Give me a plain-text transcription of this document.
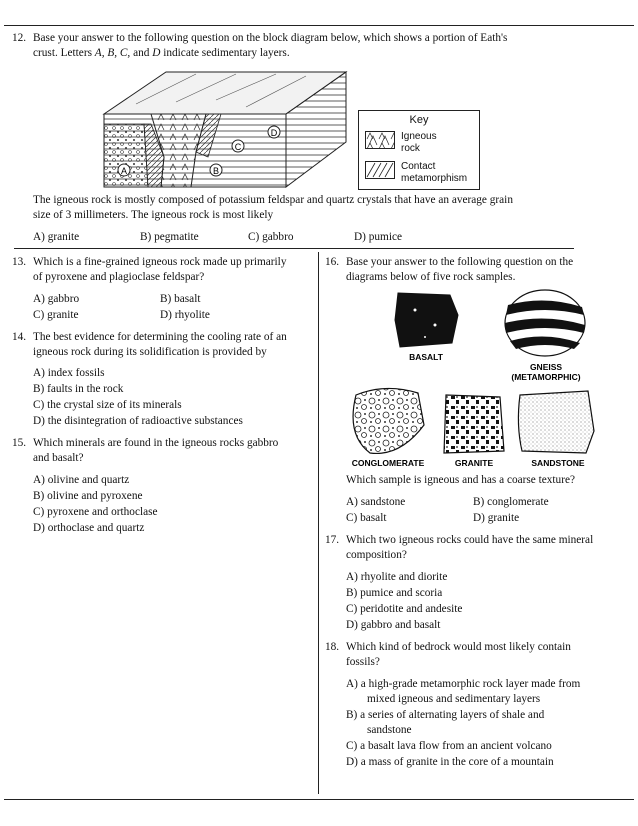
12. Base your answer to the following question on the block diagram below, which shows a portion of Eath's
crust. Letters A, B, C, and D indicate sedimentary layers.
A	B
C
D
Key
Igneous
rock
Contact
metamorphism
The igneous rock is mostly composed of potassium feldspar and quartz crystals that have an average grain
size of 3 millimeters. The igneous rock is most likely
A) granite	B) pegmatite	C) gabbro	D) pumice
13. Which is a fine-grained igneous rock made up primarily
of pyroxene and plagioclase feldspar?
A) gabbro	B) basalt
C) granite	D) rhyolite
14. The best evidence for determining the cooling rate of an
igneous rock during its solidification is provided by
A) index fossils
B) faults in the rock
C) the crystal size of its minerals
D) the disintegration of radioactive substances
15. Which minerals are found in the igneous rocks gabbro
and basalt?
A) olivine and quartz
B) olivine and pyroxene
C) pyroxene and orthoclase
D) orthoclase and quartz
16. Base your answer to the following question on the
diagrams below of five rock samples.
BASALT
GNEISS
(METAMORPHIC)
CONGLOMERATE	GRANITE	SANDSTONE
Which sample is igneous and has a coarse texture?
A) sandstone	B) conglomerate
C) basalt	D) granite
17. Which two igneous rocks could have the same mineral
composition?
A) rhyolite and diorite
B) pumice and scoria
C) peridotite and andesite
D) gabbro and basalt
18. Which kind of bedrock would most likely contain
fossils?
A) a high-grade metamorphic rock layer made from
mixed igneous and sedimentary layers
B) a series of alternating layers of shale and
sandstone
C) a basalt lava flow from an ancient volcano
D) a mass of granite in the core of a mountain
